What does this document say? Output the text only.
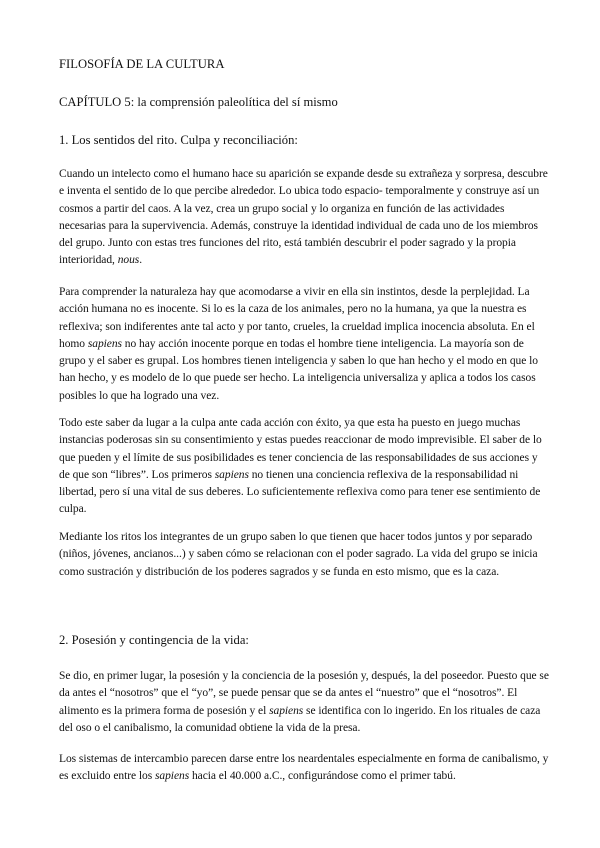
FILOSOFÍA DE LA CULTURA
CAPÍTULO 5: la comprensión paleolítica del sí mismo
1. Los sentidos del rito. Culpa y reconciliación:

Cuando un intelecto como el humano hace su aparición se expande desde su extrañeza y sorpresa, descubre e inventa el sentido de lo que percibe alrededor. Lo ubica todo espacio- temporalmente y construye así un cosmos a partir del caos. A la vez, crea un grupo social y lo organiza en función de las actividades necesarias para la supervivencia. Además, construye la identidad individual de cada uno de los miembros del grupo. Junto con estas tres funciones del rito, está también descubrir el poder sagrado y la propia interioridad, nous.

Para comprender la naturaleza hay que acomodarse a vivir en ella sin instintos, desde la perplejidad. La acción humana no es inocente. Si lo es la caza de los animales, pero no la humana, ya que la nuestra es reflexiva; son indiferentes ante tal acto y por tanto, crueles, la crueldad implica inocencia absoluta. En el homo sapiens no hay acción inocente porque en todas el hombre tiene inteligencia. La mayoría son de grupo y el saber es grupal. Los hombres tienen inteligencia y saben lo que han hecho y el modo en que lo han hecho, y es modelo de lo que puede ser hecho. La inteligencia universaliza y aplica a todos los casos posibles lo que ha logrado una vez.

Todo este saber da lugar a la culpa ante cada acción con éxito, ya que esta ha puesto en juego muchas instancias poderosas sin su consentimiento y estas puedes reaccionar de modo imprevisible. El saber de lo que pueden y el límite de sus posibilidades es tener conciencia de las responsabilidades de sus acciones y de que son “libres”. Los primeros sapiens no tienen una conciencia reflexiva de la responsabilidad ni libertad, pero sí una vital de sus deberes. Lo suficientemente reflexiva como para tener ese sentimiento de culpa.

Mediante los ritos los integrantes de un grupo saben lo que tienen que hacer todos juntos y por separado (niños, jóvenes, ancianos...) y saben cómo se relacionan con el poder sagrado. La vida del grupo se inicia como sustración y distribución de los poderes sagrados y se funda en esto mismo, que es la caza.

2. Posesión y contingencia de la vida:

Se dio, en primer lugar, la posesión y la conciencia de la posesión y, después, la del poseedor. Puesto que se da antes el “nosotros” que el “yo”, se puede pensar que se da antes el “nuestro” que el “nosotros”. El alimento es la primera forma de posesión y el sapiens se identifica con lo ingerido. En los rituales de caza del oso o el canibalismo, la comunidad obtiene la vida de la presa.

Los sistemas de intercambio parecen darse entre los neardentales especialmente en forma de canibalismo, y es excluido entre los sapiens hacia el 40.000 a.C., configurándose como el primer tabú.
